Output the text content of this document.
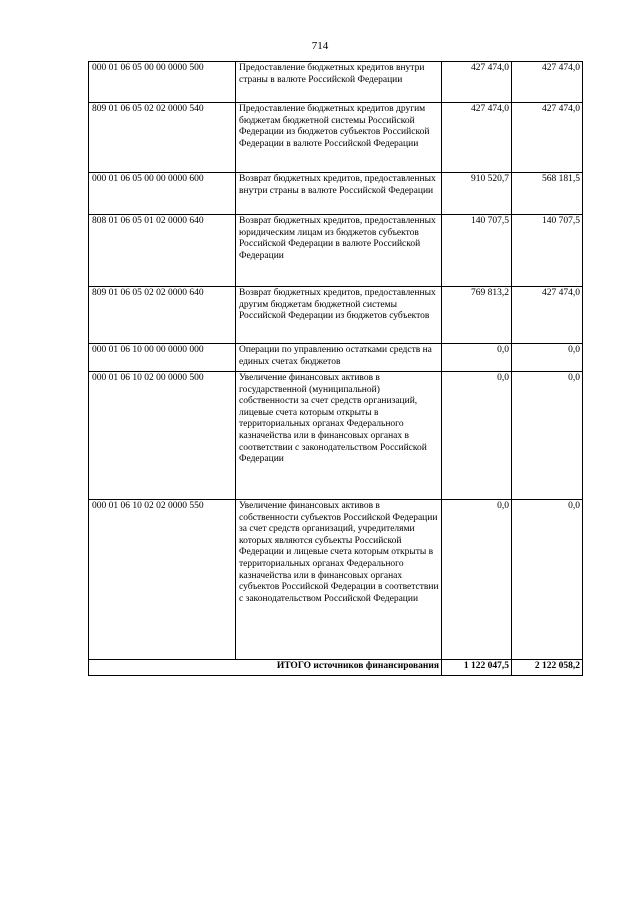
714
000 01 06 05 00 00 0000 500	Предоставление бюджетных кредитов внутри страны в валюте Российской Федерации	427 474,0	427 474,0
809 01 06 05 02 02 0000 540	Предоставление бюджетных кредитов другим бюджетам бюджетной системы Российской Федерации из бюджетов субъектов Российской Федерации в валюте Российской Федерации	427 474,0	427 474,0
000 01 06 05 00 00 0000 600	Возврат бюджетных кредитов, предоставленных внутри страны в валюте Российской Федерации	910 520,7	568 181,5
808 01 06 05 01 02 0000 640	Возврат бюджетных кредитов, предоставленных юридическим лицам из бюджетов субъектов Российской Федерации в валюте Российской Федерации	140 707,5	140 707,5
809 01 06 05 02 02 0000 640	Возврат бюджетных кредитов, предоставленных другим бюджетам бюджетной системы Российской Федерации из бюджетов субъектов	769 813,2	427 474,0
000 01 06 10 00 00 0000 000	Операции по управлению остатками средств на единых счетах бюджетов	0,0	0,0
000 01 06 10 02 00 0000 500	Увеличение финансовых активов в государственной (муниципальной) собственности за счет средств организаций, лицевые счета которым открыты в территориальных органах Федерального казначейства или в финансовых органах в соответствии с законодательством Российской Федерации	0,0	0,0
000 01 06 10 02 02 0000 550	Увеличение финансовых активов в собственности субъектов Российской Федерации за счет средств организаций, учредителями которых являются субъекты Российской Федерации и лицевые счета которым открыты в территориальных органах Федерального казначейства или в финансовых органах субъектов Российской Федерации в соответствии с законодательством Российской Федерации	0,0	0,0
ИТОГО источников финансирования		1 122 047,5	2 122 058,2
